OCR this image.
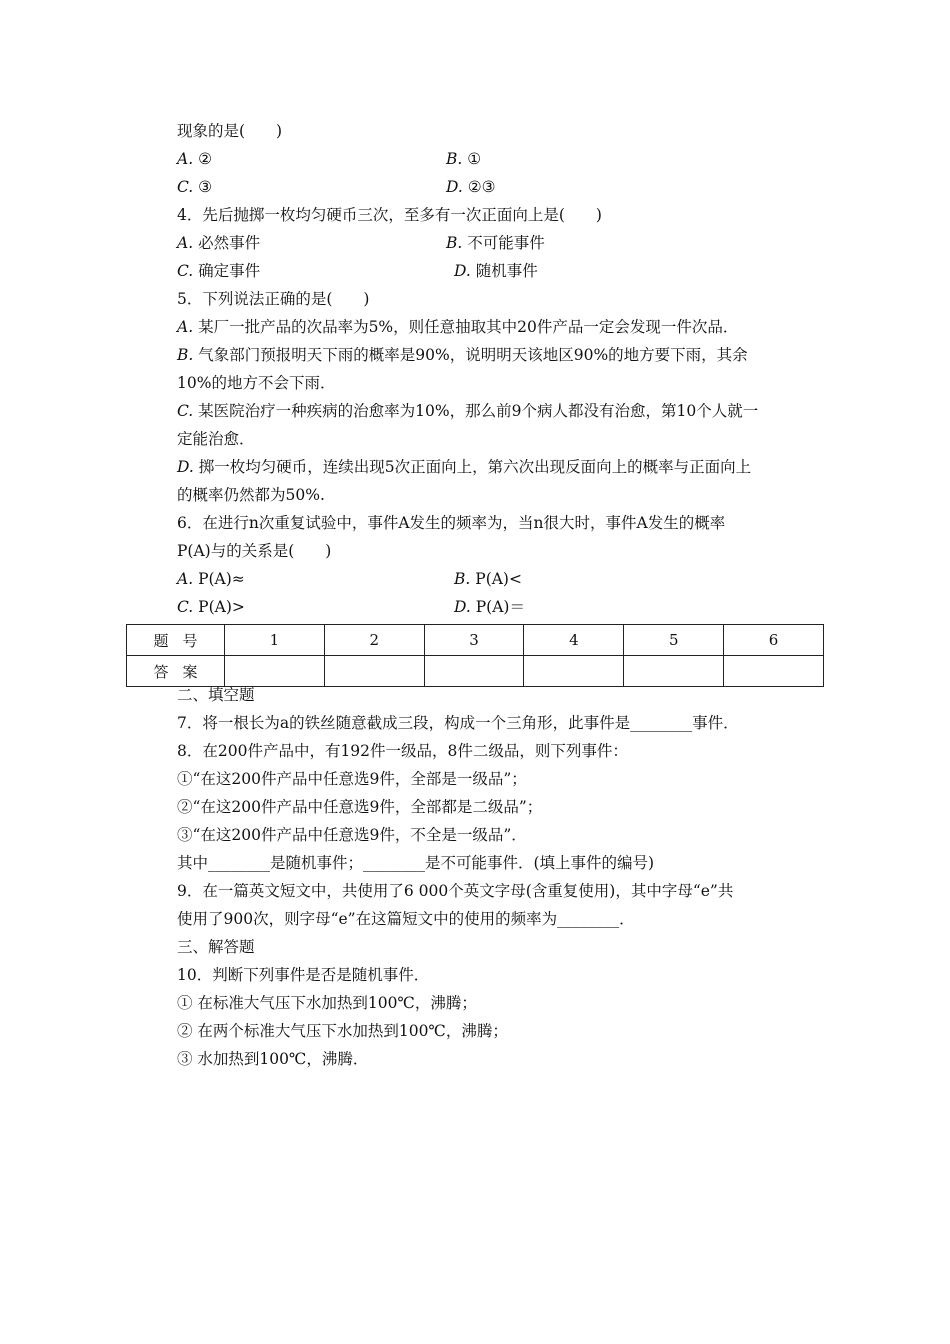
现象的是(　　)
A. ②	B. ①
C. ③	D. ②③
4．先后抛掷一枚均匀硬币三次，至多有一次正面向上是(　　)
A. 必然事件	B. 不可能事件
C. 确定事件	D. 随机事件
5．下列说法正确的是(　　)
A. 某厂一批产品的次品率为5%，则任意抽取其中20件产品一定会发现一件次品．
B. 气象部门预报明天下雨的概率是90%，说明明天该地区90%的地方要下雨，其余
10%的地方不会下雨．
C. 某医院治疗一种疾病的治愈率为10%，那么前9个病人都没有治愈，第10个人就一
定能治愈．
D. 掷一枚均匀硬币，连续出现5次正面向上，第六次出现反面向上的概率与正面向上
的概率仍然都为50%.
6．在进行n次重复试验中，事件A发生的频率为，当n很大时，事件A发生的概率
P(A)与的关系是(　　)
A. P(A)≈	B. P(A)<
C. P(A)>	D. P(A)＝
题号	1	2	3	4	5	6
答案						
二、填空题
7．将一根长为a的铁丝随意截成三段，构成一个三角形，此事件是________事件．
8．在200件产品中，有192件一级品，8件二级品，则下列事件：
①“在这200件产品中任意选9件，全部是一级品”；
②“在这200件产品中任意选9件，全部都是二级品”；
③“在这200件产品中任意选9件，不全是一级品”．
其中________是随机事件；________是不可能事件．(填上事件的编号)
9．在一篇英文短文中，共使用了6 000个英文字母(含重复使用)，其中字母“e”共
使用了900次，则字母“e”在这篇短文中的使用的频率为________．
三、解答题
10．判断下列事件是否是随机事件．
① 在标准大气压下水加热到100℃，沸腾；
② 在两个标准大气压下水加热到100℃，沸腾；
③ 水加热到100℃，沸腾．
